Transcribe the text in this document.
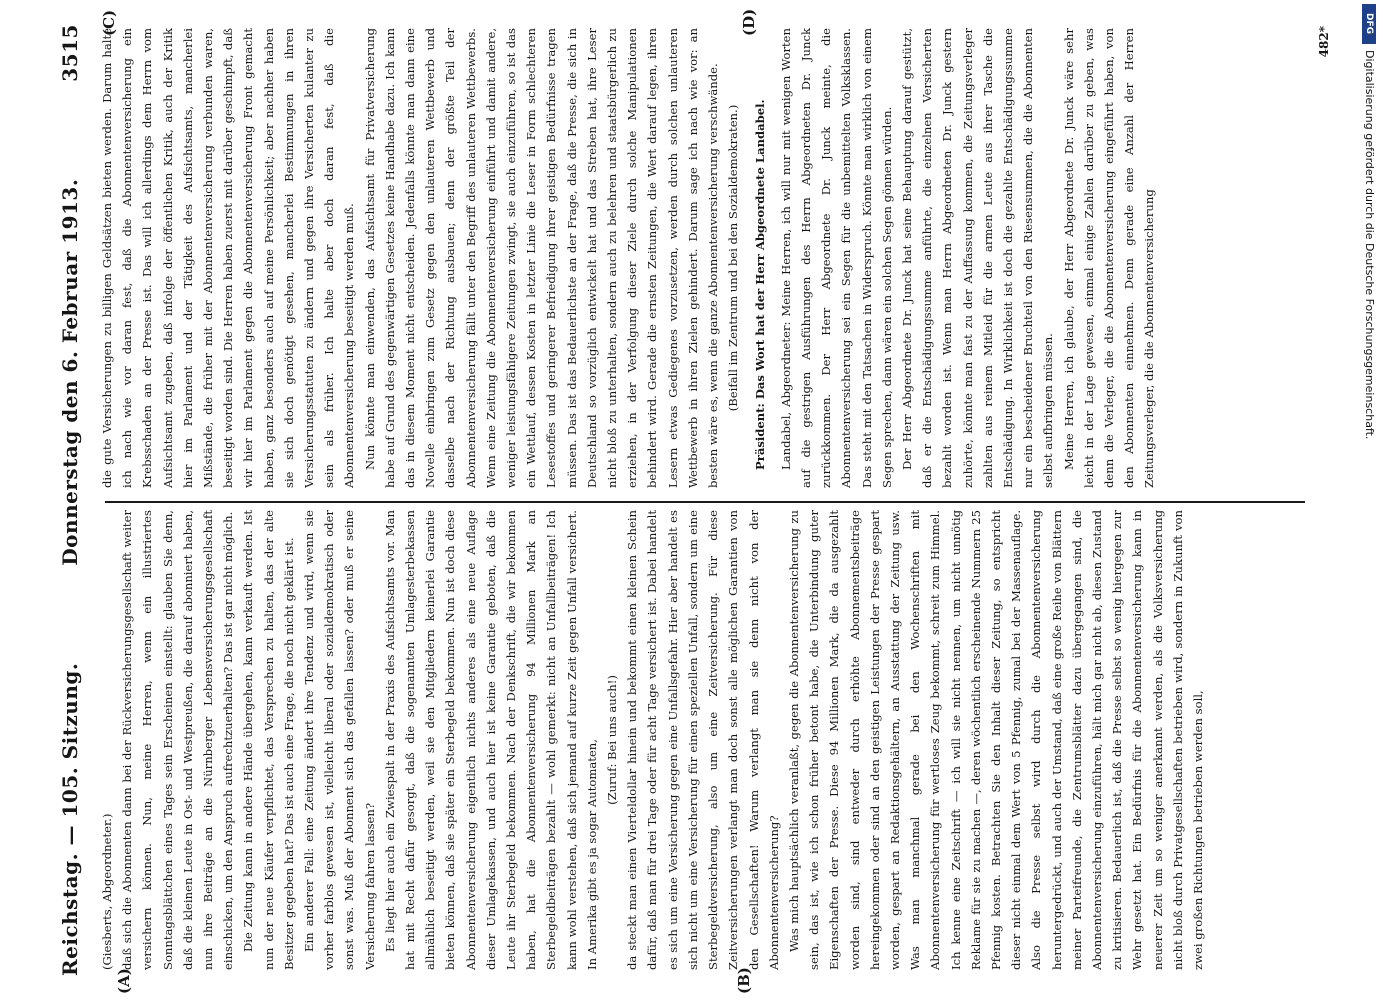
Reichstag. — 105. Sitzung.
Donnerstag den 6. Februar 1913.
3515
(A)	(B)
(C)	(D)

(Giesberts, Abgeordneter.) daß sich die Abonnenten dann bei der Rückversicherungsgesellschaft weiter versichern können. Nun, meine Herren, wenn ein illustriertes Sonntagsblättchen eines Tages sein Erscheinen einstellt: glauben Sie denn, daß die kleinen Leute in Ost- und Westpreußen, die darauf abonniert haben, nun ihre Beiträge an die Nürnberger Lebensversicherungsgesellschaft einschicken, um den Anspruch aufrechtzuerhalten? Das ist gar nicht möglich. Die Zeitung kann in andere Hände übergehen, kann verkauft werden. Ist nun der neue Käufer verpflichtet, das Versprechen zu halten, das der alte Besitzer gegeben hat? Das ist auch eine Frage, die noch nicht geklärt ist. Ein anderer Fall: eine Zeitung ändert ihre Tendenz und wird, wenn sie vorher farblos gewesen ist, vielleicht liberal oder sozialdemokratisch oder sonst was. Muß der Abonnent sich das gefallen lassen? oder muß er seine Versicherung fahren lassen? Es liegt hier auch ein Zwiespalt in der Praxis des Aufsichtsamts vor. Man hat mit Recht dafür gesorgt, daß die sogenannten Umlagesterbekassen allmählich beseitigt werden, weil sie den Mitgliedern keinerlei Garantie bieten können, daß sie später ein Sterbegeld bekommen. Nun ist doch diese Abonnentenversicherung eigentlich nichts anderes als eine neue Auflage dieser Umlagekassen, und auch hier ist keine Garantie geboten, daß die Leute ihr Sterbegeld bekommen. Nach der Denkschrift, die wir bekommen haben, hat die Abonnentenversicherung 94 Millionen Mark an Sterbegeldbeiträgen bezahlt — wohl gemerkt: nicht an Unfallbeiträgen! Ich kann wohl verstehen, daß sich jemand auf kurze Zeit gegen Unfall versichert. In Amerika gibt es ja sogar Automaten, (Zuruf: Bei uns auch!) da steckt man einen Vierteldollar hinein und bekommt einen kleinen Schein dafür, daß man für drei Tage oder für acht Tage versichert ist. Dabei handelt es sich um eine Versicherung gegen eine Unfallsgefahr. Hier aber handelt es sich nicht um eine Versicherung für einen speziellen Unfall, sondern um eine Sterbegeldversicherung, also um eine Zeitversicherung. Für diese Zeitversicherungen verlangt man doch sonst alle möglichen Garantien von den Gesellschaften! Warum verlangt man sie denn nicht von der Abonnentenversicherung? Was mich hauptsächlich veranlaßt, gegen die Abonnentenversicherung zu sein, das ist, wie ich schon früher betont habe, die Unterbindung guter Eigenschaften der Presse. Diese 94 Millionen Mark, die da ausgezahlt worden sind, sind entweder durch erhöhte Abonnementsbeiträge hereingekommen oder sind an den geistigen Leistungen der Presse gespart worden, gespart an Redaktionsgehältern, an Ausstattung der Zeitung usw. Was man manchmal gerade bei den Wochenschriften mit Abonnentenversicherung für wertloses Zeug bekommt, schreit zum Himmel. Ich kenne eine Zeitschrift — ich will sie nicht nennen, um nicht unnötig Reklame für sie zu machen —, deren wöchentlich erscheinende Nummern 25 Pfennig kosten. Betrachten Sie den Inhalt dieser Zeitung, so entspricht dieser nicht einmal dem Wert von 5 Pfennig, zumal bei der Massenauflage. Also die Presse selbst wird durch die Abonnentenversicherung heruntergedrückt, und auch der Umstand, daß eine große Reihe von Blättern meiner Parteifreunde, die Zentrumsblätter dazu übergegangen sind, die Abonnentenversicherung einzuführen, hält mich gar nicht ab, diesen Zustand zu kritisieren. Bedauerlich ist, daß die Presse selbst so wenig hiergegen zur Wehr gesetzt hat. Ein Bedürfnis für die Abonnentenversicherung kann in neuerer Zeit um so weniger anerkannt werden, als die Volksversicherung nicht bloß durch Privatgesellschaften betrieben wird, sondern in Zukunft von zwei großen Richtungen betrieben werden soll,

die gute Versicherungen zu billigen Geldsätzen bieten werden. Darum halte ich nach wie vor daran fest, daß die Abonnentenversicherung ein Krebsschaden an der Presse ist. Das will ich allerdings dem Herrn vom Aufsichtsamt zugeben, daß infolge der öffentlichen Kritik, auch der Kritik hier im Parlament und der Tätigkeit des Aufsichtsamts, mancherlei Mißstände, die früher mit der Abonnentenversicherung verbunden waren, beseitigt worden sind. Die Herren haben zuerst mit darüber geschimpft, daß wir hier im Parlament gegen die Abonnentenversicherung Front gemacht haben, ganz besonders auch auf meine Persönlichkeit; aber nachher haben sie sich doch genötigt gesehen, mancherlei Bestimmungen in ihren Versicherungsstatuten zu ändern und gegen ihre Versicherten kulanter zu sein als früher. Ich halte aber doch daran fest, daß die Abonnentenversicherung beseitigt werden muß. Nun könnte man einwenden, das Aufsichtsamt für Privatversicherung habe auf Grund des gegenwärtigen Gesetzes keine Handhabe dazu. Ich kann das in diesem Moment nicht entscheiden. Jedenfalls könnte man dann eine Novelle einbringen zum Gesetz gegen den unlauteren Wettbewerb und dasselbe nach der Richtung ausbauen; denn der größte Teil der Abonnentenversicherung fällt unter den Begriff des unlauteren Wettbewerbs. Wenn eine Zeitung die Abonnentenversicherung einführt und damit andere, weniger leistungsfähigere Zeitungen zwingt, sie auch einzuführen, so ist das ein Wettlauf, dessen Kosten in letzter Linie die Leser in Form schlechteren Lesestoffes und geringerer Befriedigung ihrer geistigen Bedürfnisse tragen müssen. Das ist das Bedauerlichste an der Frage, daß die Presse, die sich in Deutschland so vorzüglich entwickelt hat und das Streben hat, ihre Leser nicht bloß zu unterhalten, sondern auch zu belehren und staatsbürgerlich zu erziehen, in der Verfolgung dieser Ziele durch solche Manipulationen behindert wird. Gerade die ernsten Zeitungen, die Wert darauf legen, ihren Lesern etwas Gediegenes vorzusetzen, werden durch solchen unlauteren Wettbewerb in ihren Zielen gehindert. Darum sage ich nach wie vor: an besten wäre es, wenn die ganze Abonnentenversicherung verschwände. (Beifall im Zentrum und bei den Sozialdemokraten.) Präsident: Das Wort hat der Herr Abgeordnete Landabel. Landabel, Abgeordneter: Meine Herren, ich will nur mit wenigen Worten auf die gestrigen Ausführungen des Herrn Abgeordneten Dr. Junck zurückkommen. Der Herr Abgeordnete Dr. Junck meinte, die Abonnentenversicherung sei ein Segen für die unbemittelten Volksklassen. Das steht mit den Tatsachen in Widerspruch. Könnte man wirklich von einem Segen sprechen, dann wären ein solchen Segen gönnen würden. Der Herr Abgeordnete Dr. Junck hat seine Behauptung darauf gestützt, daß er die Entschädigungssumme anführte, die einzelnen Versicherten bezahlt worden ist. Wenn man Herrn Abgeordneten Dr. Junck gestern zuhörte, könnte man fast zu der Auffassung kommen, die Zeitungsverleger zahlten aus reinem Mitleid für die armen Leute aus ihrer Tasche die Entschädigung. In Wirklichkeit ist doch die gezahlte Entschädigungssumme nur ein bescheidener Bruchteil von den Riesensummen, die die Abonnenten selbst aufbringen müssen. Meine Herren, ich glaube, der Herr Abgeordnete Dr. Junck wäre sehr leicht in der Lage gewesen, einmal einige Zahlen darüber zu geben, was denn die Verleger, die die Abonnentenversicherung eingeführt haben, von den Abonnenten einnehmen. Denn gerade eine Anzahl der Herren Zeitungsverleger, die die Abonnentenversicherung

482*
DFG
Digitalisierung gefördert durch die Deutsche Forschungsgemeinschaft.
